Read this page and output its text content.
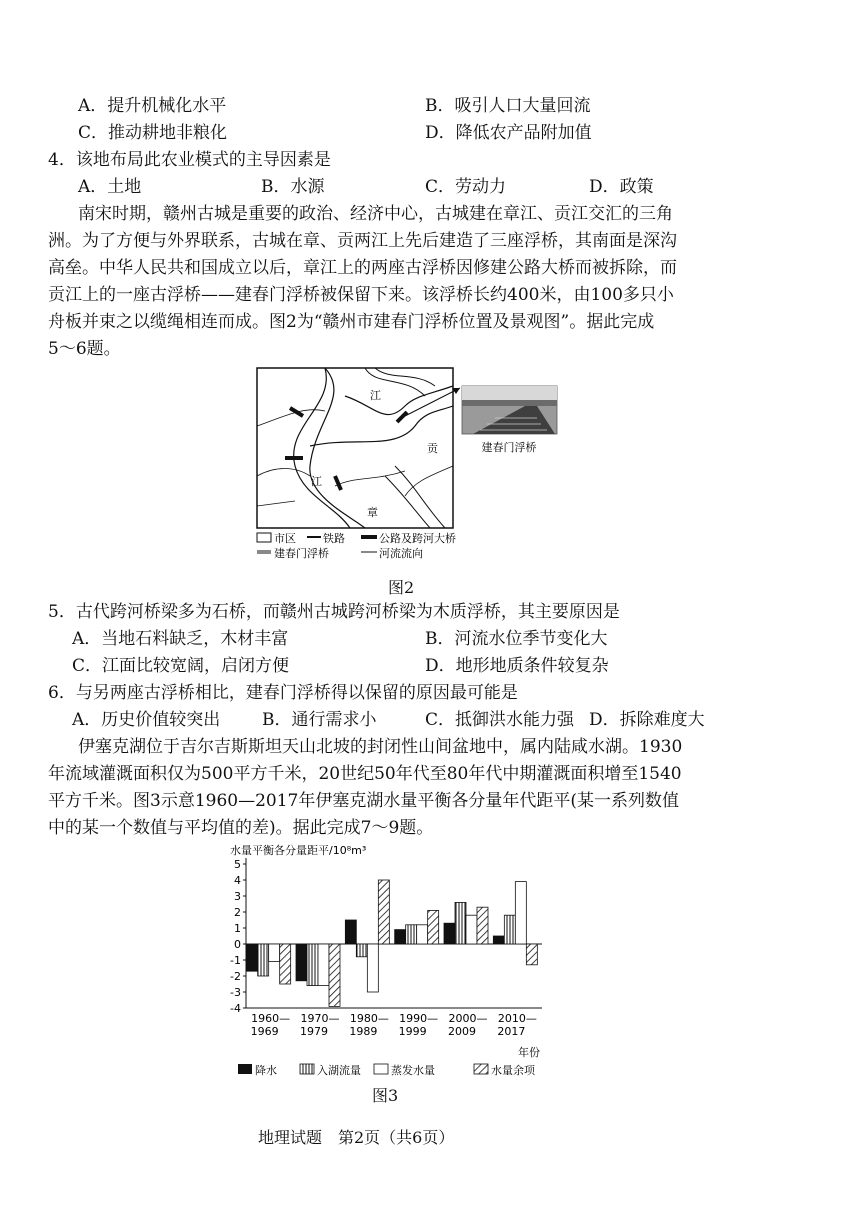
A．提升机械化水平	B．吸引人口大量回流
C．推动耕地非粮化	D．降低农产品附加值
4．该地布局此农业模式的主导因素是
A．土地	B．水源	C．劳动力	D．政策
南宋时期，赣州古城是重要的政治、经济中心，古城建在章江、贡江交汇的三角
洲。为了方便与外界联系，古城在章、贡两江上先后建造了三座浮桥，其南面是深沟
高垒。中华人民共和国成立以后，章江上的两座古浮桥因修建公路大桥而被拆除，而
贡江上的一座古浮桥——建春门浮桥被保留下来。该浮桥长约400米，由100多只小
舟板并束之以缆绳相连而成。图2为“赣州市建春门浮桥位置及景观图”。据此完成
5～6题。
江
贡
江
章
建春门浮桥
市区 铁路	公路及跨河大桥
建春门浮桥	河流流向
图2
5．古代跨河桥梁多为石桥，而赣州古城跨河桥梁为木质浮桥，其主要原因是
A．当地石料缺乏，木材丰富	B．河流水位季节变化大
C．江面比较宽阔，启闭方便	D．地形地质条件较复杂
6．与另两座古浮桥相比，建春门浮桥得以保留的原因最可能是
A．历史价值较突出 B．通行需求小	C．抵御洪水能力强 D．拆除难度大
伊塞克湖位于吉尔吉斯斯坦天山北坡的封闭性山间盆地中，属内陆咸水湖。1930
年流域灌溉面积仅为500平方千米，20世纪50年代至80年代中期灌溉面积增至1540
平方千米。图3示意1960—2017年伊塞克湖水量平衡各分量年代距平(某一系列数值
中的某一个数值与平均值的差)。据此完成7～9题。
水量平衡各分量距平/10⁸m³
5
4
3
2
1
0
-1
-2
-3
-4
1960—
1969
1970—
1979
1980—
1989
1990—
1999
2000—
2009
2010—
2017
年份
降水	入湖流量	蒸发水量	水量余项
图3
地理试题　第2页（共6页）
